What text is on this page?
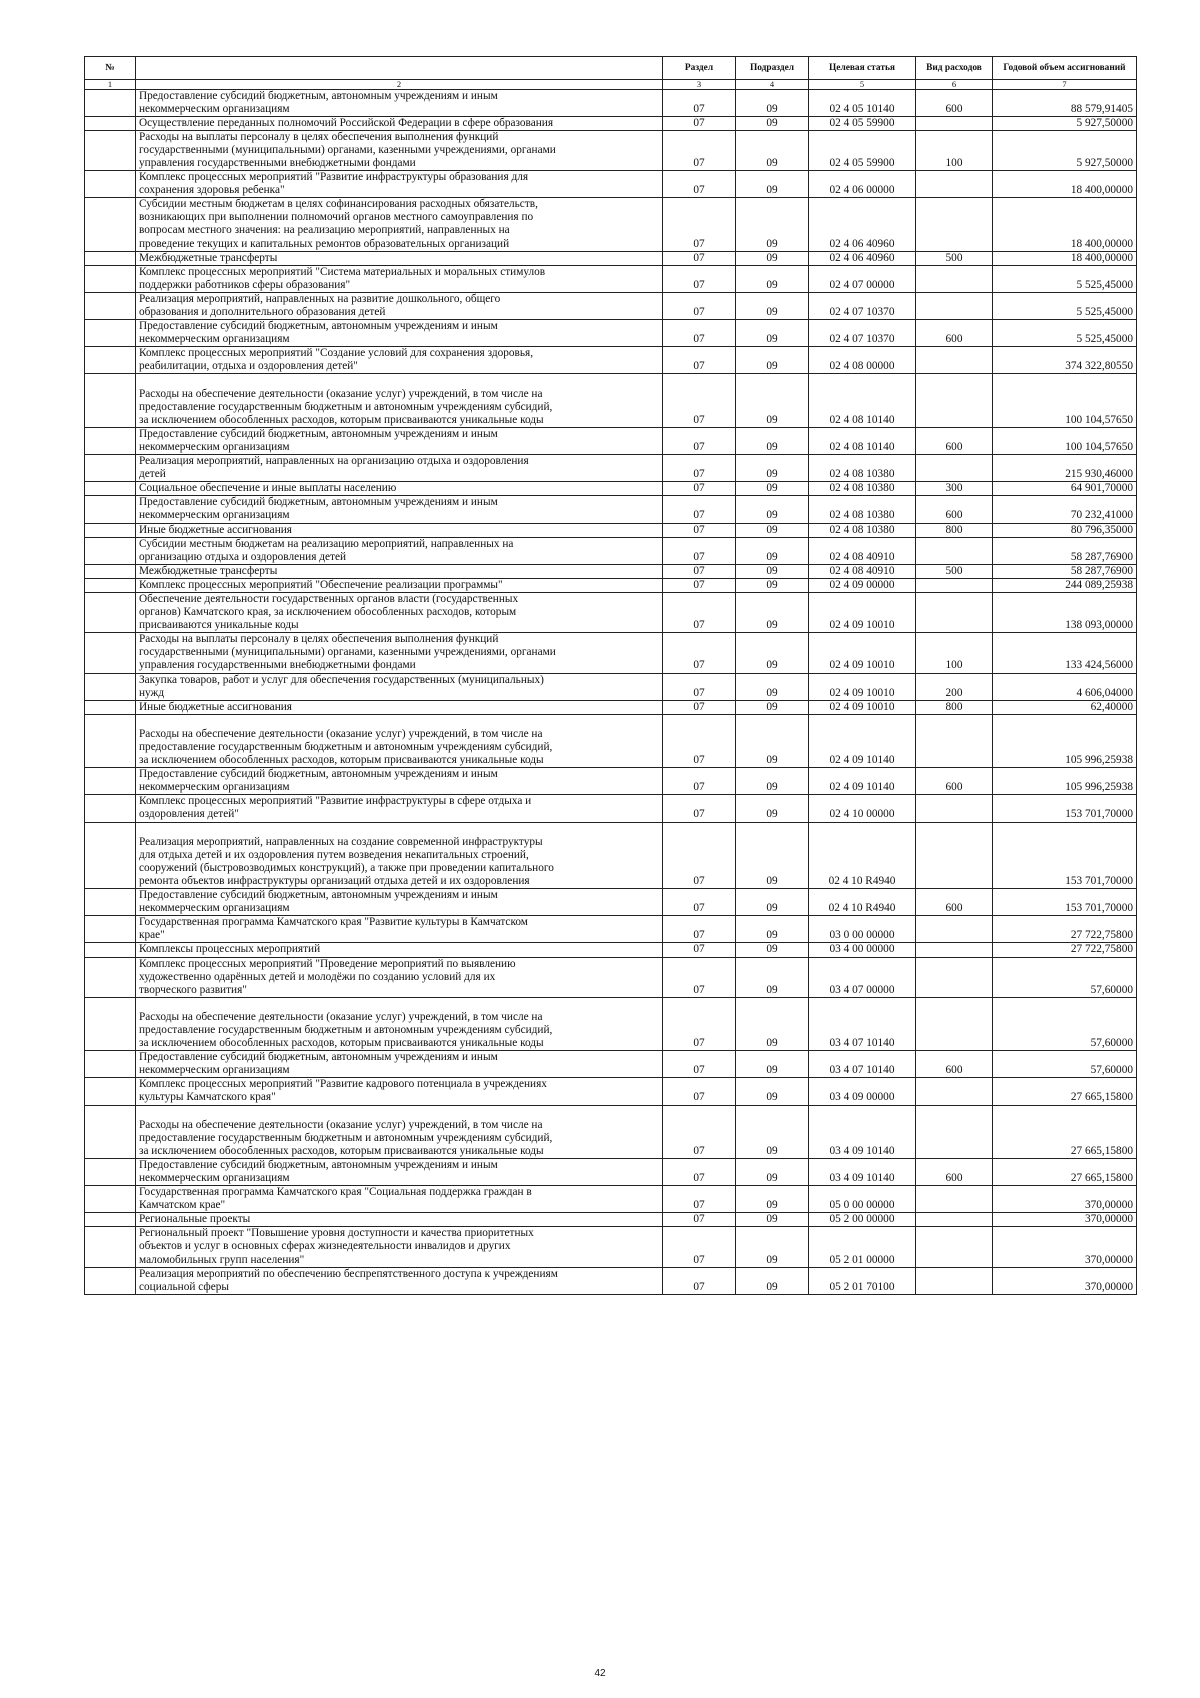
№		Раздел	Подраздел	Целевая статья	Вид расходов	Годовой объем ассигнований
1	2	3	4	5	6	7
	Предоставление субсидий бюджетным, автономным учреждениям и иным
некоммерческим организациям	07	09	02 4 05 10140	600	88 579,91405
	Осуществление переданных полномочий Российской Федерации в сфере образования	07	09	02 4 05 59900		5 927,50000
	Расходы на выплаты персоналу в целях обеспечения выполнения функций
государственными (муниципальными) органами, казенными учреждениями, органами
управления государственными внебюджетными фондами	07	09	02 4 05 59900	100	5 927,50000
	Комплекс процессных мероприятий "Развитие инфраструктуры образования для
сохранения здоровья ребенка"	07	09	02 4 06 00000		18 400,00000
	Субсидии местным бюджетам в целях софинансирования расходных обязательств,
возникающих при выполнении полномочий органов местного самоуправления по
вопросам местного значения: на реализацию мероприятий, направленных на
проведение текущих и капитальных ремонтов образовательных организаций	07	09	02 4 06 40960		18 400,00000
	Межбюджетные трансферты	07	09	02 4 06 40960	500	18 400,00000
	Комплекс процессных мероприятий "Система материальных и моральных стимулов
поддержки работников сферы образования"	07	09	02 4 07 00000		5 525,45000
	Реализация мероприятий, направленных на развитие дошкольного, общего
образования и дополнительного образования детей	07	09	02 4 07 10370		5 525,45000
	Предоставление субсидий бюджетным, автономным учреждениям и иным
некоммерческим организациям	07	09	02 4 07 10370	600	5 525,45000
	Комплекс процессных мероприятий "Создание условий для сохранения здоровья,
реабилитации, отдыха и оздоровления детей"	07	09	02 4 08 00000		374 322,80550

Расходы на обеспечение деятельности (оказание услуг) учреждений, в том числе на
предоставление государственным бюджетным и автономным учреждениям субсидий,
за исключением обособленных расходов, которым присваиваются уникальные коды	07	09	02 4 08 10140		100 104,57650
	Предоставление субсидий бюджетным, автономным учреждениям и иным
некоммерческим организациям	07	09	02 4 08 10140	600	100 104,57650
	Реализация мероприятий, направленных на организацию отдыха и оздоровления
детей	07	09	02 4 08 10380		215 930,46000
	Социальное обеспечение и иные выплаты населению	07	09	02 4 08 10380	300	64 901,70000
	Предоставление субсидий бюджетным, автономным учреждениям и иным
некоммерческим организациям	07	09	02 4 08 10380	600	70 232,41000
	Иные бюджетные ассигнования	07	09	02 4 08 10380	800	80 796,35000
	Субсидии местным бюджетам на реализацию мероприятий, направленных на
организацию отдыха и оздоровления детей	07	09	02 4 08 40910		58 287,76900
	Межбюджетные трансферты	07	09	02 4 08 40910	500	58 287,76900
	Комплекс процессных мероприятий "Обеспечение реализации программы"	07	09	02 4 09 00000		244 089,25938
	Обеспечение деятельности государственных органов власти (государственных
органов) Камчатского края, за исключением обособленных расходов, которым
присваиваются уникальные коды	07	09	02 4 09 10010		138 093,00000
	Расходы на выплаты персоналу в целях обеспечения выполнения функций
государственными (муниципальными) органами, казенными учреждениями, органами
управления государственными внебюджетными фондами	07	09	02 4 09 10010	100	133 424,56000
	Закупка товаров, работ и услуг для обеспечения государственных (муниципальных)
нужд	07	09	02 4 09 10010	200	4 606,04000
	Иные бюджетные ассигнования	07	09	02 4 09 10010	800	62,40000

Расходы на обеспечение деятельности (оказание услуг) учреждений, в том числе на
предоставление государственным бюджетным и автономным учреждениям субсидий,
за исключением обособленных расходов, которым присваиваются уникальные коды	07	09	02 4 09 10140		105 996,25938
	Предоставление субсидий бюджетным, автономным учреждениям и иным
некоммерческим организациям	07	09	02 4 09 10140	600	105 996,25938
	Комплекс процессных мероприятий "Развитие инфраструктуры в сфере отдыха и
оздоровления детей"	07	09	02 4 10 00000		153 701,70000

Реализация мероприятий, направленных на создание современной инфраструктуры
для отдыха детей и их оздоровления путем возведения некапитальных строений,
сооружений (быстровозводимых конструкций), а также при проведении капитального
ремонта объектов инфраструктуры организаций отдыха детей и их оздоровления	07	09	02 4 10 R4940		153 701,70000
	Предоставление субсидий бюджетным, автономным учреждениям и иным
некоммерческим организациям	07	09	02 4 10 R4940	600	153 701,70000
	Государственная программа Камчатского края "Развитие культуры в Камчатском
крае"	07	09	03 0 00 00000		27 722,75800
	Комплексы процессных мероприятий	07	09	03 4 00 00000		27 722,75800
	Комплекс процессных мероприятий "Проведение мероприятий по выявлению
художественно одарённых детей и молодёжи по созданию условий для их
творческого развития"	07	09	03 4 07 00000		57,60000

Расходы на обеспечение деятельности (оказание услуг) учреждений, в том числе на
предоставление государственным бюджетным и автономным учреждениям субсидий,
за исключением обособленных расходов, которым присваиваются уникальные коды	07	09	03 4 07 10140		57,60000
	Предоставление субсидий бюджетным, автономным учреждениям и иным
некоммерческим организациям	07	09	03 4 07 10140	600	57,60000
	Комплекс процессных мероприятий "Развитие кадрового потенциала в учреждениях
культуры Камчатского края"	07	09	03 4 09 00000		27 665,15800

Расходы на обеспечение деятельности (оказание услуг) учреждений, в том числе на
предоставление государственным бюджетным и автономным учреждениям субсидий,
за исключением обособленных расходов, которым присваиваются уникальные коды	07	09	03 4 09 10140		27 665,15800
	Предоставление субсидий бюджетным, автономным учреждениям и иным
некоммерческим организациям	07	09	03 4 09 10140	600	27 665,15800
	Государственная программа Камчатского края "Социальная поддержка граждан в
Камчатском крае"	07	09	05 0 00 00000		370,00000
	Региональные проекты	07	09	05 2 00 00000		370,00000
	Региональный проект "Повышение уровня доступности и качества приоритетных
объектов и услуг в основных сферах жизнедеятельности инвалидов и других
маломобильных групп населения"	07	09	05 2 01 00000		370,00000
	Реализация мероприятий по обеспечению беспрепятственного доступа к учреждениям
социальной сферы	07	09	05 2 01 70100		370,00000
42
